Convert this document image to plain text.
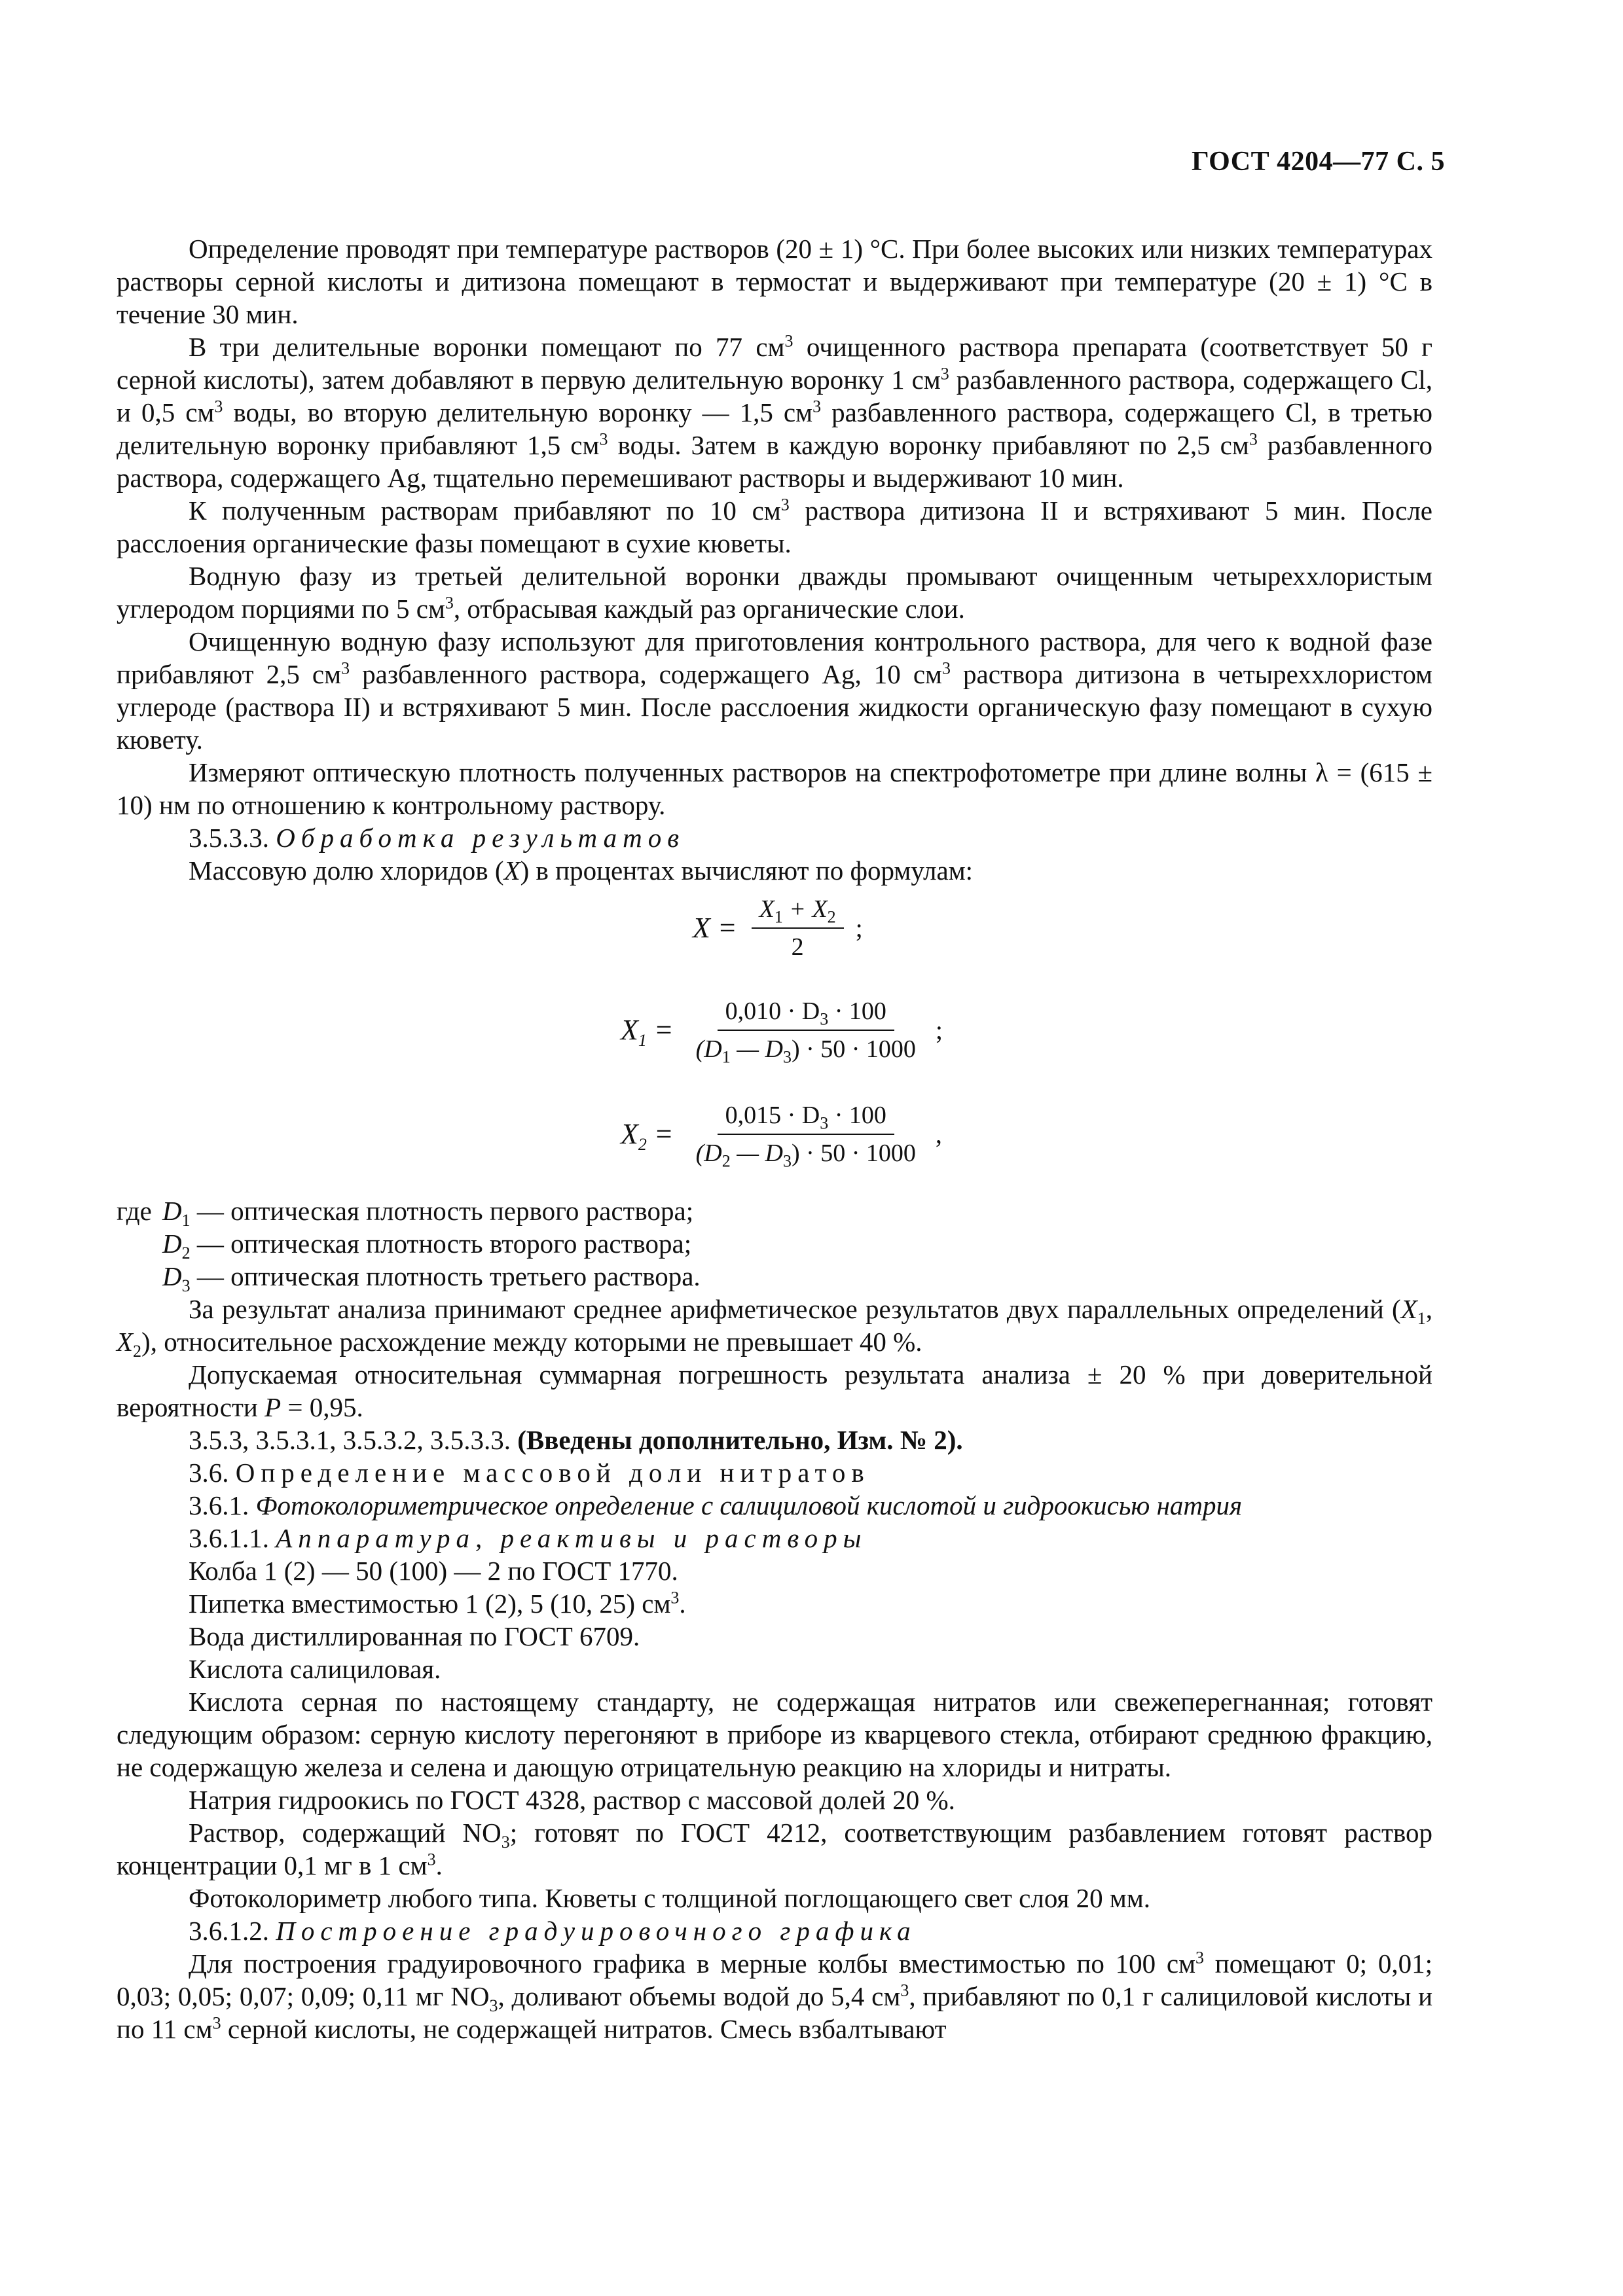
ГОСТ 4204—77 С. 5

Определение проводят при температуре растворов (20 ± 1) °С. При более высоких или низких температурах растворы серной кислоты и дитизона помещают в термостат и выдерживают при температуре (20 ± 1) °С в течение 30 мин.

В три делительные воронки помещают по 77 $см^3$ очищенного раствора препарата (соответствует 50 г серной кислоты), затем добавляют в первую делительную воронку 1 $см^3$ разбавленного раствора, содержащего Cl, и 0,5 $см^3$ воды, во вторую делительную воронку — 1,5 $см^3$ разбавленного раствора, содержащего Cl, в третью делительную воронку прибавляют 1,5 $см^3$ воды. Затем в каждую воронку прибавляют по 2,5 $см^3$ разбавленного раствора, содержащего Ag, тщательно перемешивают растворы и выдерживают 10 мин.

К полученным растворам прибавляют по 10 $см^3$ раствора дитизона II и встряхивают 5 мин. После расслоения органические фазы помещают в сухие кюветы.

Водную фазу из третьей делительной воронки дважды промывают очищенным четыреххлористым углеродом порциями по 5 $см^3$, отбрасывая каждый раз органические слои.

Очищенную водную фазу используют для приготовления контрольного раствора, для чего к водной фазе прибавляют 2,5 $см^3$ разбавленного раствора, содержащего Ag, 10 $см^3$ раствора дитизона в четыреххлористом углероде (раствора II) и встряхивают 5 мин. После расслоения жидкости органическую фазу помещают в сухую кювету.

Измеряют оптическую плотность полученных растворов на спектрофотометре при длине волны λ = (615 ± 10) нм по отношению к контрольному раствору.

3.5.3.3. Обработка результатов

Массовую долю хлоридов (X) в процентах вычисляют по формулам:

$X = \frac{X_1 + X_2}{2}$ ;
$X_1 = \frac{0,010 \cdot D_3 \cdot 100}{(D_1 — D_3) \cdot 50 \cdot 1000}$ ;
$X_2 = \frac{0,015 \cdot D_3 \cdot 100}{(D_2 — D_3) \cdot 50 \cdot 1000}$ ,

где $D_1$ — оптическая плотность первого раствора;

$D_2$ — оптическая плотность второго раствора;

$D_3$ — оптическая плотность третьего раствора.

За результат анализа принимают среднее арифметическое результатов двух параллельных определений ($X_1$, $X_2$), относительное расхождение между которыми не превышает 40 %.

Допускаемая относительная суммарная погрешность результата анализа ± 20 % при доверительной вероятности P = 0,95.

3.5.3, 3.5.3.1, 3.5.3.2, 3.5.3.3. (Введены дополнительно, Изм. № 2).

3.6. Определение массовой доли нитратов

3.6.1. Фотоколориметрическое определение с салициловой кислотой и гидроокисью натрия

3.6.1.1. Аппаратура, реактивы и растворы

Колба 1 (2) — 50 (100) — 2 по ГОСТ 1770.

Пипетка вместимостью 1 (2), 5 (10, 25) $см^3$.

Вода дистиллированная по ГОСТ 6709.

Кислота салициловая.

Кислота серная по настоящему стандарту, не содержащая нитратов или свежеперегнанная; готовят следующим образом: серную кислоту перегоняют в приборе из кварцевого стекла, отбирают среднюю фракцию, не содержащую железа и селена и дающую отрицательную реакцию на хлориды и нитраты.

Натрия гидроокись по ГОСТ 4328, раствор с массовой долей 20 %.

Раствор, содержащий $NO_3$; готовят по ГОСТ 4212, соответствующим разбавлением готовят раствор концентрации 0,1 мг в 1 $см^3$.

Фотоколориметр любого типа. Кюветы с толщиной поглощающего свет слоя 20 мм.

3.6.1.2. Построение градуировочного графика

Для построения градуировочного графика в мерные колбы вместимостью по 100 $см^3$ помещают 0; 0,01; 0,03; 0,05; 0,07; 0,09; 0,11 мг $NO_3$, доливают объемы водой до 5,4 $см^3$, прибавляют по 0,1 г салициловой кислоты и по 11 $см^3$ серной кислоты, не содержащей нитратов. Смесь взбалтывают
